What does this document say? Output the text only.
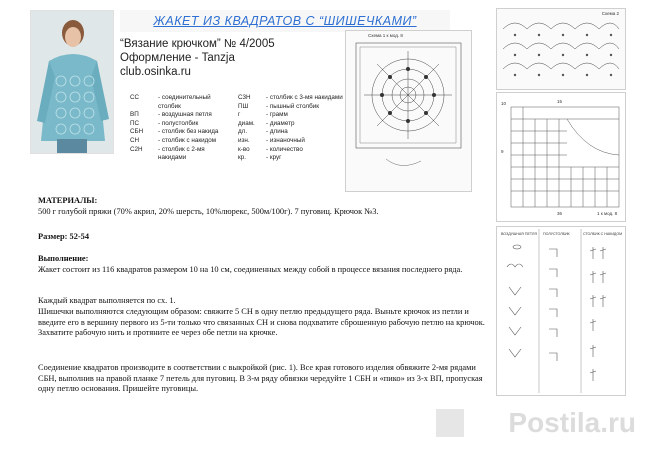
ЖАКЕТ ИЗ КВАДРАТОВ С “ШИШЕЧКАМИ”
“Вязание крючком” № 4/2005
Оформление - Tanzja
club.osinka.ru
СС	- соединительный
столбик
ВП	- воздушная петля
ПС	- полустолбик
СБН - столбик без накида
СН	- столбик с накидом
С2Н - столбик с 2-мя
накидами
С3Н - столбик с 3-мя накидами
ПШ	- пышный столбик
г	- грамм
диам. - диаметр
дл.	- длина
изн.	- изнаночный
к-во	- количество
кр.	- круг
Схема 1 к мод. 8
Схема 2
10	15
36
9
1 к мод. 8
ВОЗДУШНАЯ ПЕТЛЯ ПОЛУСТОЛБИК	СТОЛБИК С НАКИДОМ
МАТЕРИАЛЫ:
500 г голубой пряжи (70% акрил, 20% шерсть, 10%люрекс, 500м/100г). 7 пуговиц. Крючок №3.
Размер: 52-54
Выполнение:
Жакет состоит из 116 квадратов размером 10 на 10 см, соединенных между собой в процессе вязания последнего ряда.
Каждый квадрат выполняется по сх. 1.
Шишечки выполняются следующим образом: свяжите 5 СН в одну петлю предыдущего ряда. Выньте крючок из петли и введите его в вершину первого из 5-ти только что связанных СН и снова подхватите сброшенную рабочую петлю на крючок. Захватите рабочую нить и протяните ее через обе петли на крючке.
Соединение квадратов производите в соответствии с выкройкой (рис. 1). Все края готового изделия обвяжите 2-мя рядами СБН, выполнив на правой планке 7 петель для пуговиц. В 3-м ряду обвязки чередуйте 1 СБН и «пико» из 3-х ВП, пропуская одну петлю основания. Пришейте пуговицы.
Postila.ru
